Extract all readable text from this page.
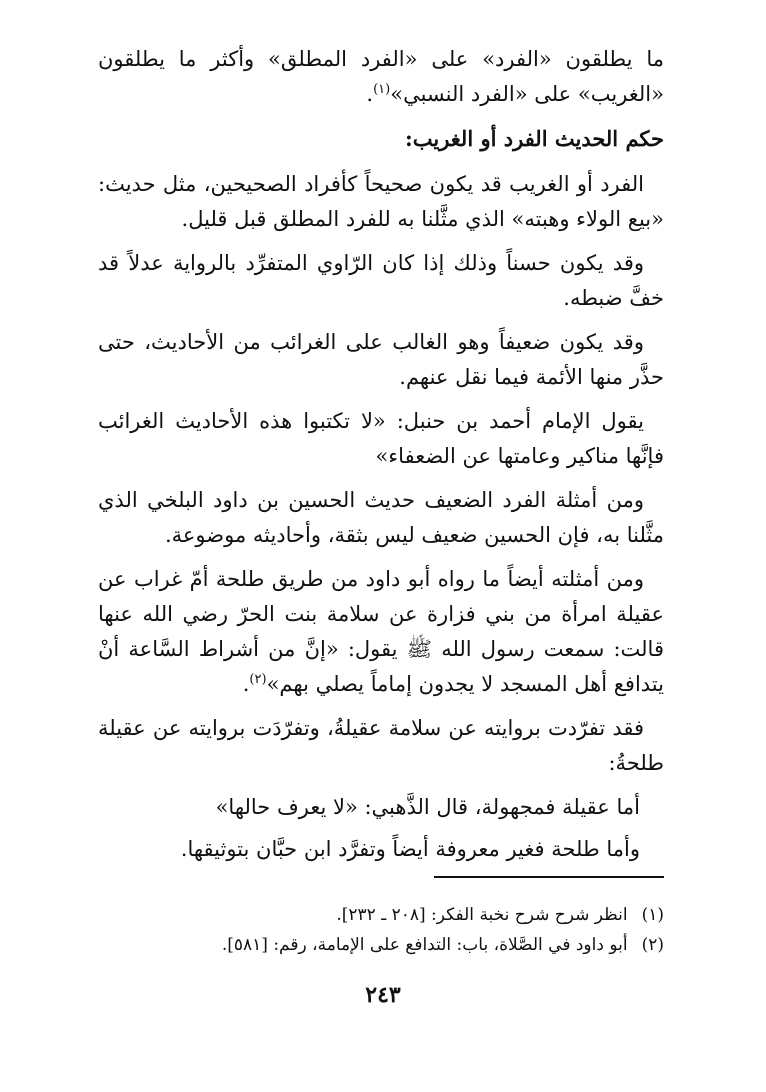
ما يطلقون «الفرد» على «الفرد المطلق» وأكثر ما يطلقون «الغريب» على «الفرد النسبي»$^{(١)}$.

حكم الحديث الفرد أو الغريب:

الفرد أو الغريب قد يكون صحيحاً كأفراد الصحيحين، مثل حديث: «بيع الولاء وهبته» الذي مثَّلنا به للفرد المطلق قبل قليل.

وقد يكون حسناً وذلك إذا كان الرّاوي المتفرِّد بالرواية عدلاً قد خفَّ ضبطه.

وقد يكون ضعيفاً وهو الغالب على الغرائب من الأحاديث، حتى حذَّر منها الأئمة فيما نقل عنهم.

يقول الإمام أحمد بن حنبل: «لا تكتبوا هذه الأحاديث الغرائب فإنَّها مناكير وعامتها عن الضعفاء»

ومن أمثلة الفرد الضعيف حديث الحسين بن داود البلخي الذي مثَّلنا به، فإن الحسين ضعيف ليس بثقة، وأحاديثه موضوعة.

ومن أمثلته أيضاً ما رواه أبو داود من طريق طلحة أمّ غراب عن عقيلة امرأة من بني فزارة عن سلامة بنت الحرّ رضي الله عنها قالت: سمعت رسول الله ﷺ يقول: «إنَّ من أشراط السَّاعة أنْ يتدافع أهل المسجد لا يجدون إماماً يصلي بهم»$^{(٢)}$.

فقد تفرّدت بروايته عن سلامة عقيلةُ، وتفرّدَت بروايته عن عقيلة طلحةُ:

أما عقيلة فمجهولة، قال الذَّهبي: «لا يعرف حالها»

وأما طلحة فغير معروفة أيضاً وتفرَّد ابن حبَّان بتوثيقها.

(١)انظر شرح شرح نخبة الفكر: [٢٠٨ ـ ٢٣٢].

(٢)أبو داود في الصَّلاة، باب: التدافع على الإمامة، رقم: [٥٨١].

٢٤٣
